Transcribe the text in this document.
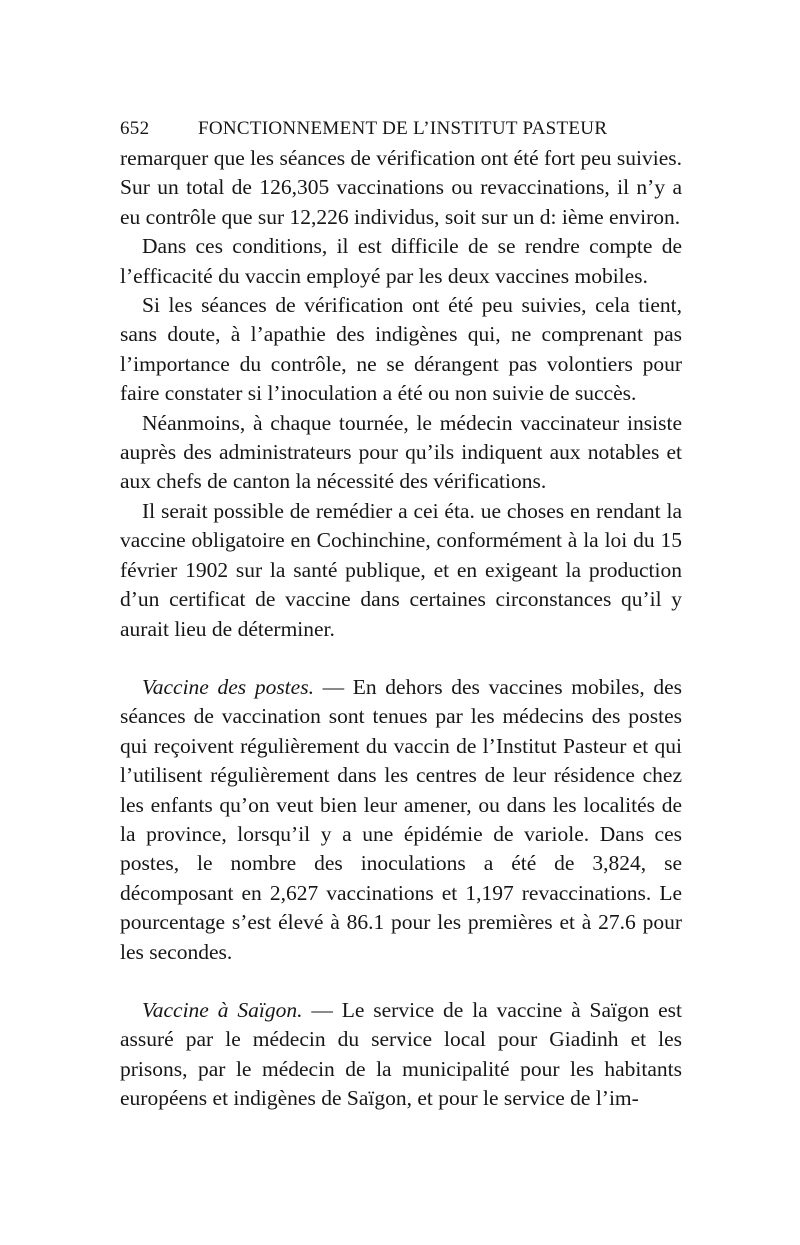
652	FONCTIONNEMENT DE L’INSTITUT PASTEUR

remarquer que les séances de vérification ont été fort peu suivies. Sur un total de 126,305 vaccinations ou revaccinations, il n’y a eu contrôle que sur 12,226 individus, soit sur un d: ième environ.

Dans ces conditions, il est difficile de se rendre compte de l’efficacité du vaccin employé par les deux vaccines mobiles.

Si les séances de vérification ont été peu suivies, cela tient, sans doute, à l’apathie des indigènes qui, ne comprenant pas l’importance du contrôle, ne se dérangent pas volontiers pour faire constater si l’inoculation a été ou non suivie de succès.

Néanmoins, à chaque tournée, le médecin vaccinateur insiste auprès des administrateurs pour qu’ils indiquent aux notables et aux chefs de canton la nécessité des vérifications.

Il serait possible de remédier a cei éta. ue choses en rendant la vaccine obligatoire en Cochinchine, conformément à la loi du 15 février 1902 sur la santé publique, et en exigeant la production d’un certificat de vaccine dans certaines circonstances qu’il y aurait lieu de déterminer.

Vaccine des postes. — En dehors des vaccines mobiles, des séances de vaccination sont tenues par les médecins des postes qui reçoivent régulièrement du vaccin de l’Institut Pasteur et qui l’utilisent régulièrement dans les centres de leur résidence chez les enfants qu’on veut bien leur amener, ou dans les localités de la province, lorsqu’il y a une épidémie de variole. Dans ces postes, le nombre des inoculations a été de 3,824, se décomposant en 2,627 vaccinations et 1,197 revaccinations. Le pourcentage s’est élevé à 86.1 pour les premières et à 27.6 pour les secondes.

Vaccine à Saïgon. — Le service de la vaccine à Saïgon est assuré par le médecin du service local pour Giadinh et les prisons, par le médecin de la municipalité pour les habitants européens et indigènes de Saïgon, et pour le service de l’im-
